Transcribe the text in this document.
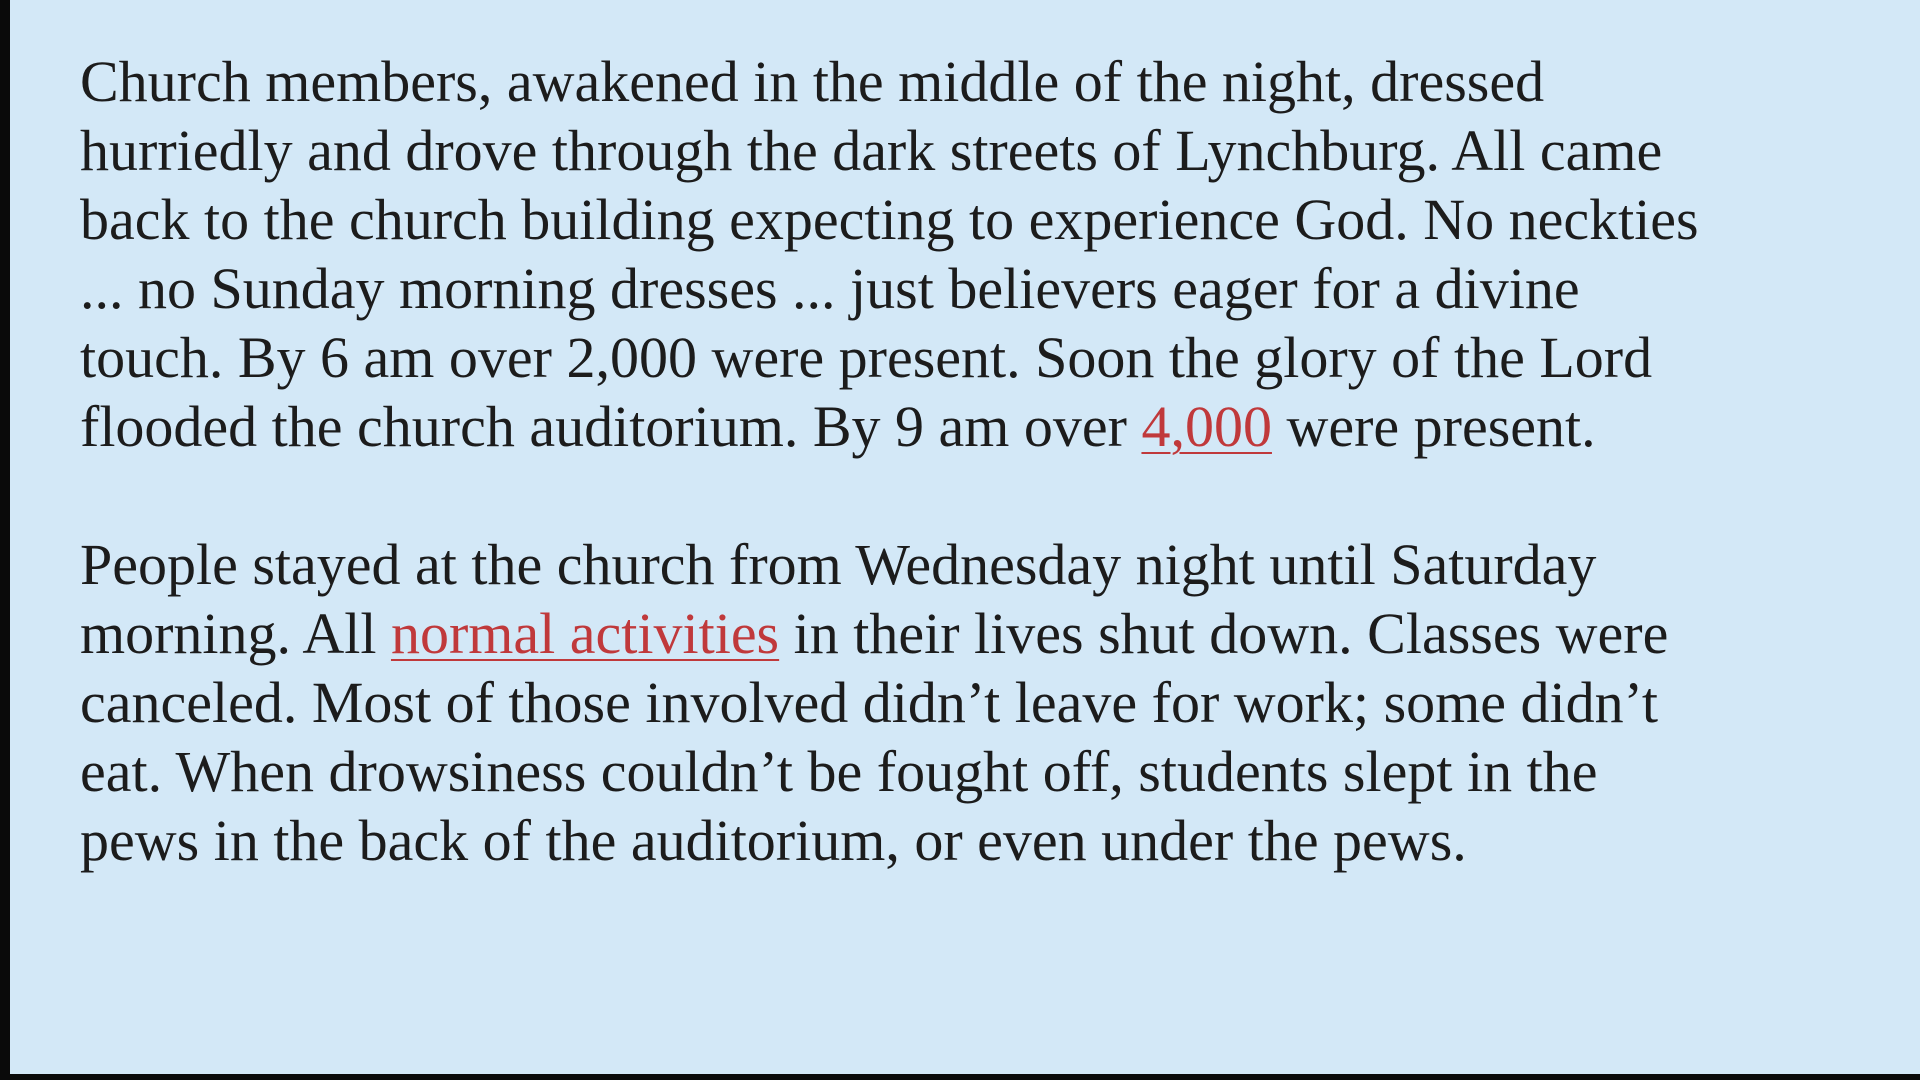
Church members, awakened in the middle of the night, dressed
hurriedly and drove through the dark streets of Lynchburg. All came
back to the church building expecting to experience God. No neckties
... no Sunday morning dresses ... just believers eager for a divine
touch. By 6 am over 2,000 were present. Soon the glory of the Lord
flooded the church auditorium. By 9 am over 4,000 were present.

People stayed at the church from Wednesday night until Saturday
morning. All normal activities in their lives shut down. Classes were
canceled. Most of those involved didn’t leave for work; some didn’t
eat. When drowsiness couldn’t be fought off, students slept in the
pews in the back of the auditorium, or even under the pews.
